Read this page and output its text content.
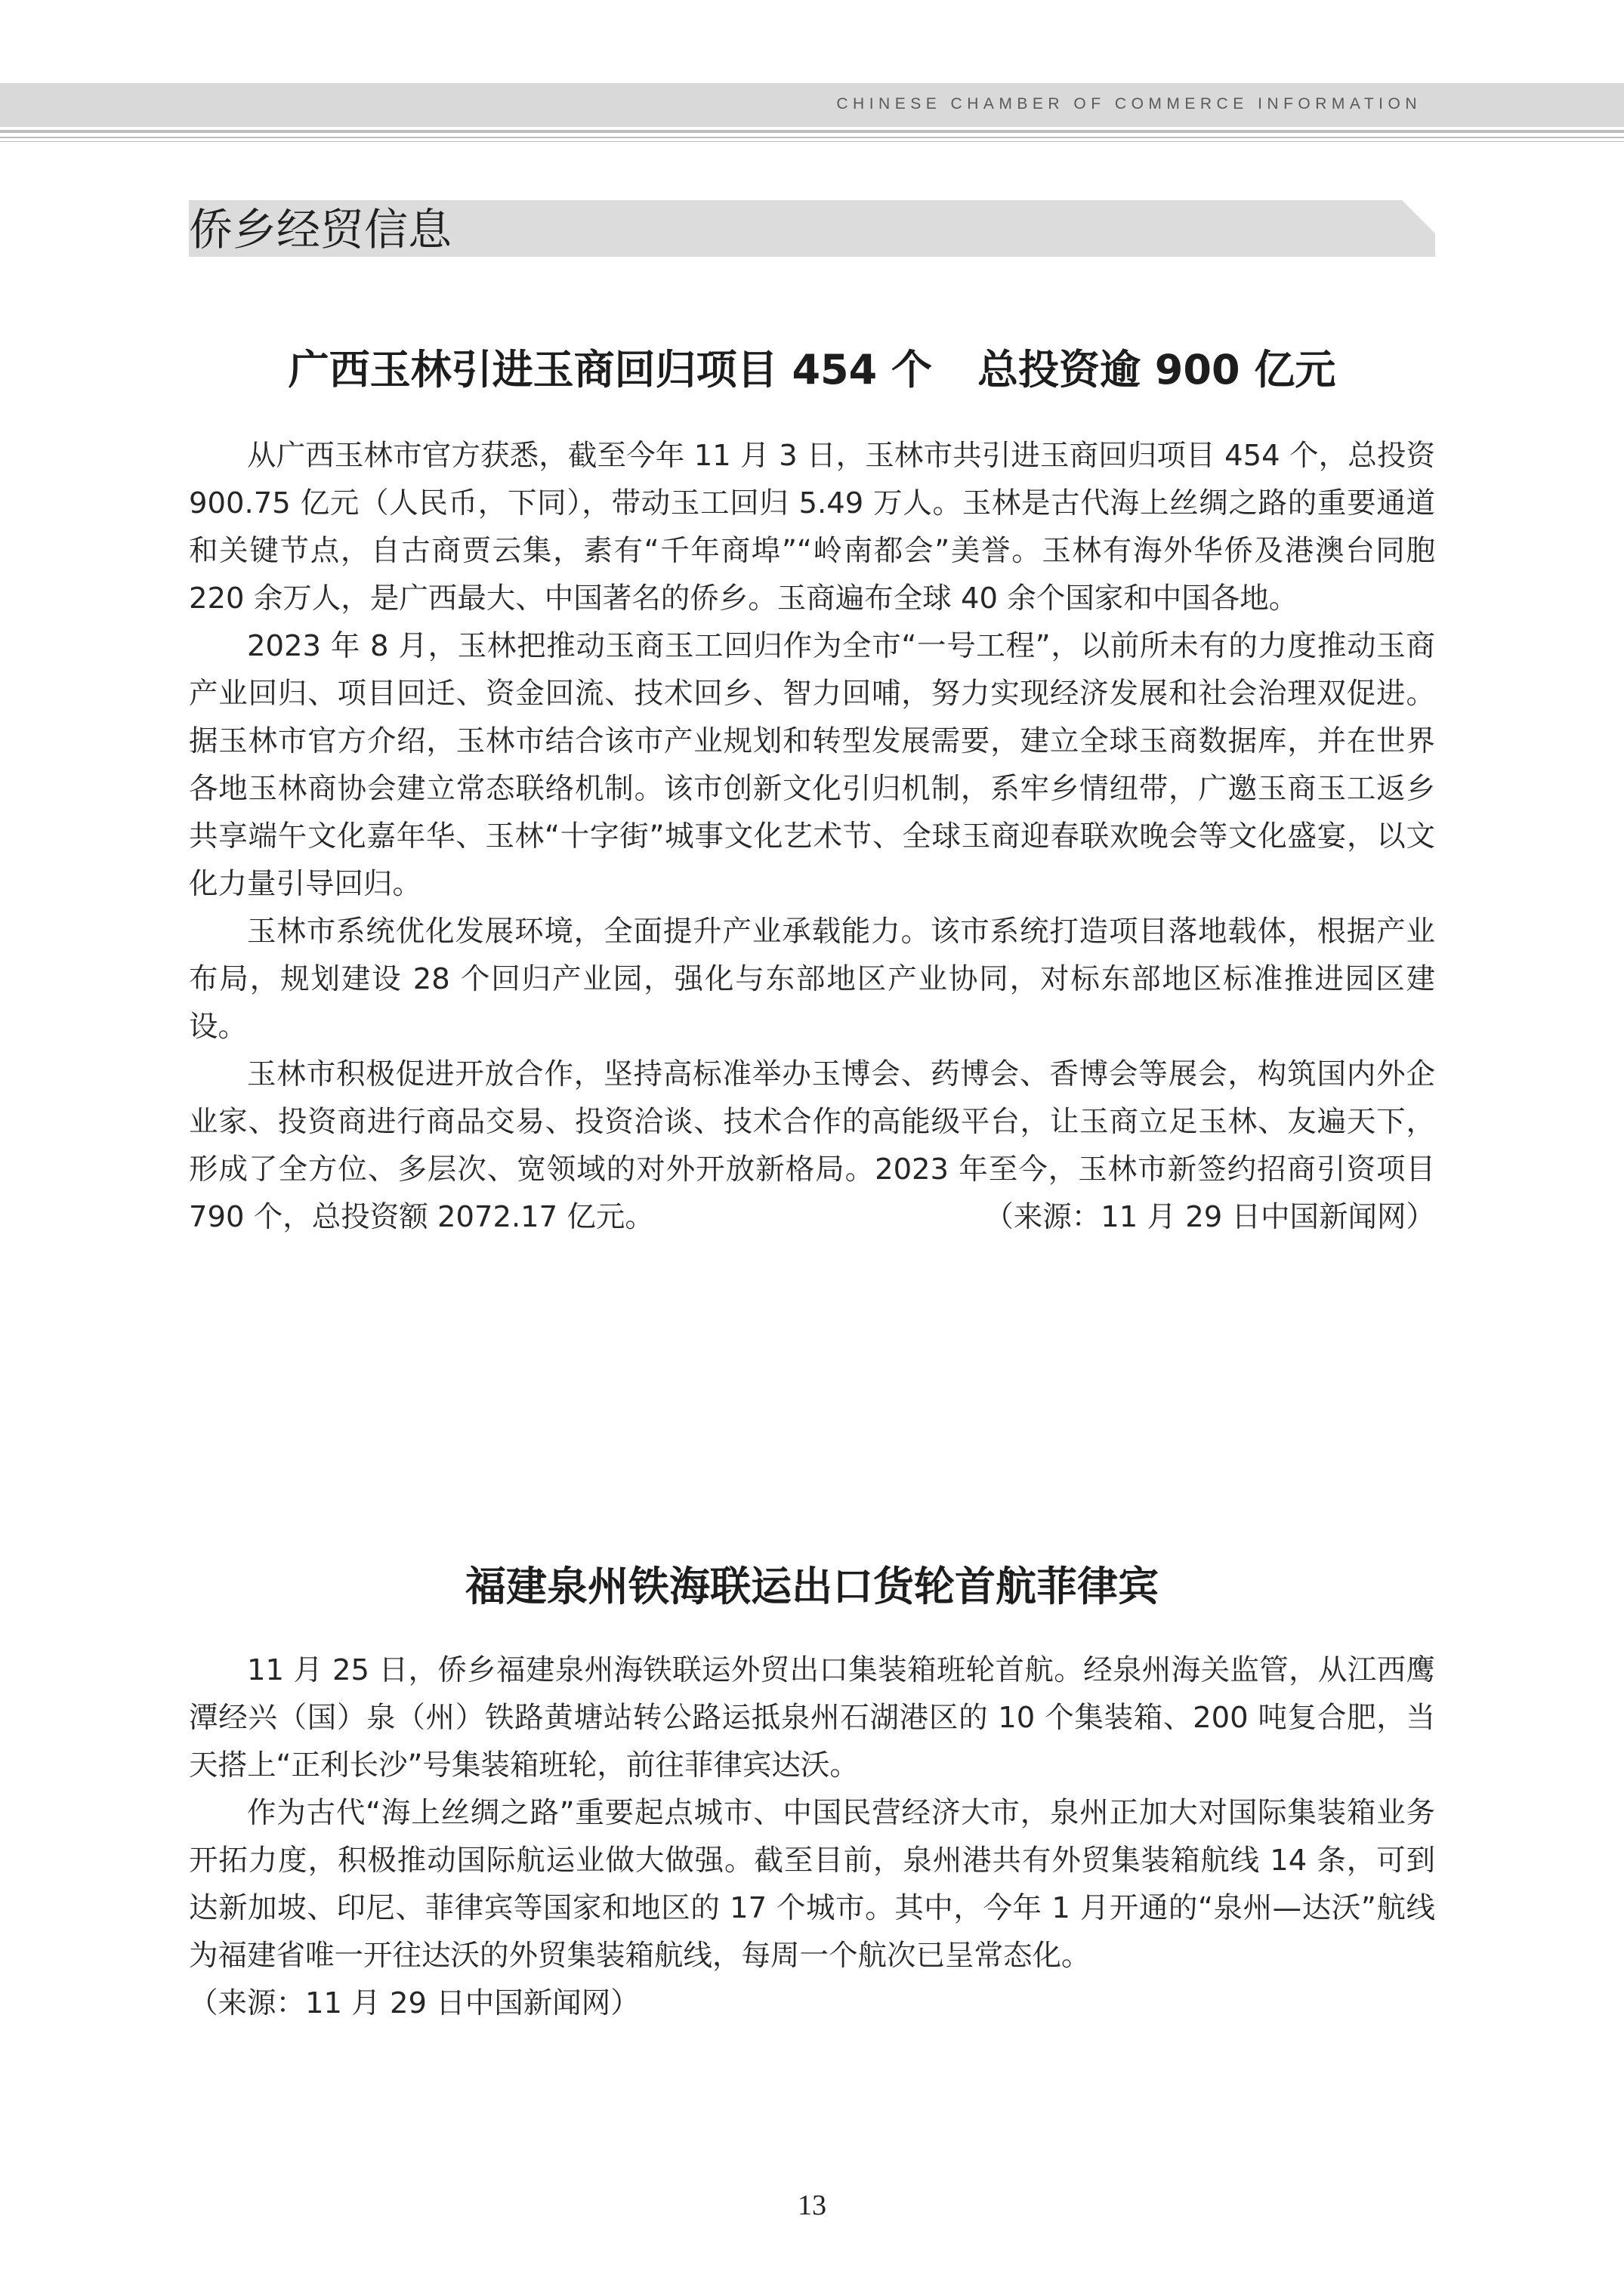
CHINESE CHAMBER OF COMMERCE INFORMATION
侨乡经贸信息
广西玉林引进玉商回归项目 454 个 总投资逾 900 亿元

从广西玉林市官方获悉，截至今年 11 月 3 日，玉林市共引进玉商回归项目 454 个，总投资 900.75 亿元（人民币，下同），带动玉工回归 5.49 万人。玉林是古代海上丝绸之路的重要通道和关键节点，自古商贾云集，素有“千年商埠”“岭南都会”美誉。玉林有海外华侨及港澳台同胞 220 余万人，是广西最大、中国著名的侨乡。玉商遍布全球 40 余个国家和中国各地。

2023 年 8 月，玉林把推动玉商玉工回归作为全市“一号工程”，以前所未有的力度推动玉商产业回归、项目回迁、资金回流、技术回乡、智力回哺，努力实现经济发展和社会治理双促进。据玉林市官方介绍，玉林市结合该市产业规划和转型发展需要，建立全球玉商数据库，并在世界各地玉林商协会建立常态联络机制。该市创新文化引归机制，系牢乡情纽带，广邀玉商玉工返乡共享端午文化嘉年华、玉林“十字街”城事文化艺术节、全球玉商迎春联欢晚会等文化盛宴，以文化力量引导回归。

玉林市系统优化发展环境，全面提升产业承载能力。该市系统打造项目落地载体，根据产业布局，规划建设 28 个回归产业园，强化与东部地区产业协同，对标东部地区标准推进园区建设。

玉林市积极促进开放合作，坚持高标准举办玉博会、药博会、香博会等展会，构筑国内外企业家、投资商进行商品交易、投资洽谈、技术合作的高能级平台，让玉商立足玉林、友遍天下，形成了全方位、多层次、宽领域的对外开放新格局。2023 年至今，玉林市新签约招商引资项目 790 个，总投资额 2072.17 亿元。	（来源：11 月 29 日中国新闻网）

福建泉州铁海联运出口货轮首航菲律宾

11 月 25 日，侨乡福建泉州海铁联运外贸出口集装箱班轮首航。经泉州海关监管，从江西鹰潭经兴（国）泉（州）铁路黄塘站转公路运抵泉州石湖港区的 10 个集装箱、200 吨复合肥，当天搭上“正利长沙”号集装箱班轮，前往菲律宾达沃。

作为古代“海上丝绸之路”重要起点城市、中国民营经济大市，泉州正加大对国际集装箱业务开拓力度，积极推动国际航运业做大做强。截至目前，泉州港共有外贸集装箱航线 14 条，可到达新加坡、印尼、菲律宾等国家和地区的 17 个城市。其中，今年 1 月开通的“泉州—达沃”航线为福建省唯一开往达沃的外贸集装箱航线，每周一个航次已呈常态化。

（来源：11 月 29 日中国新闻网）

13
